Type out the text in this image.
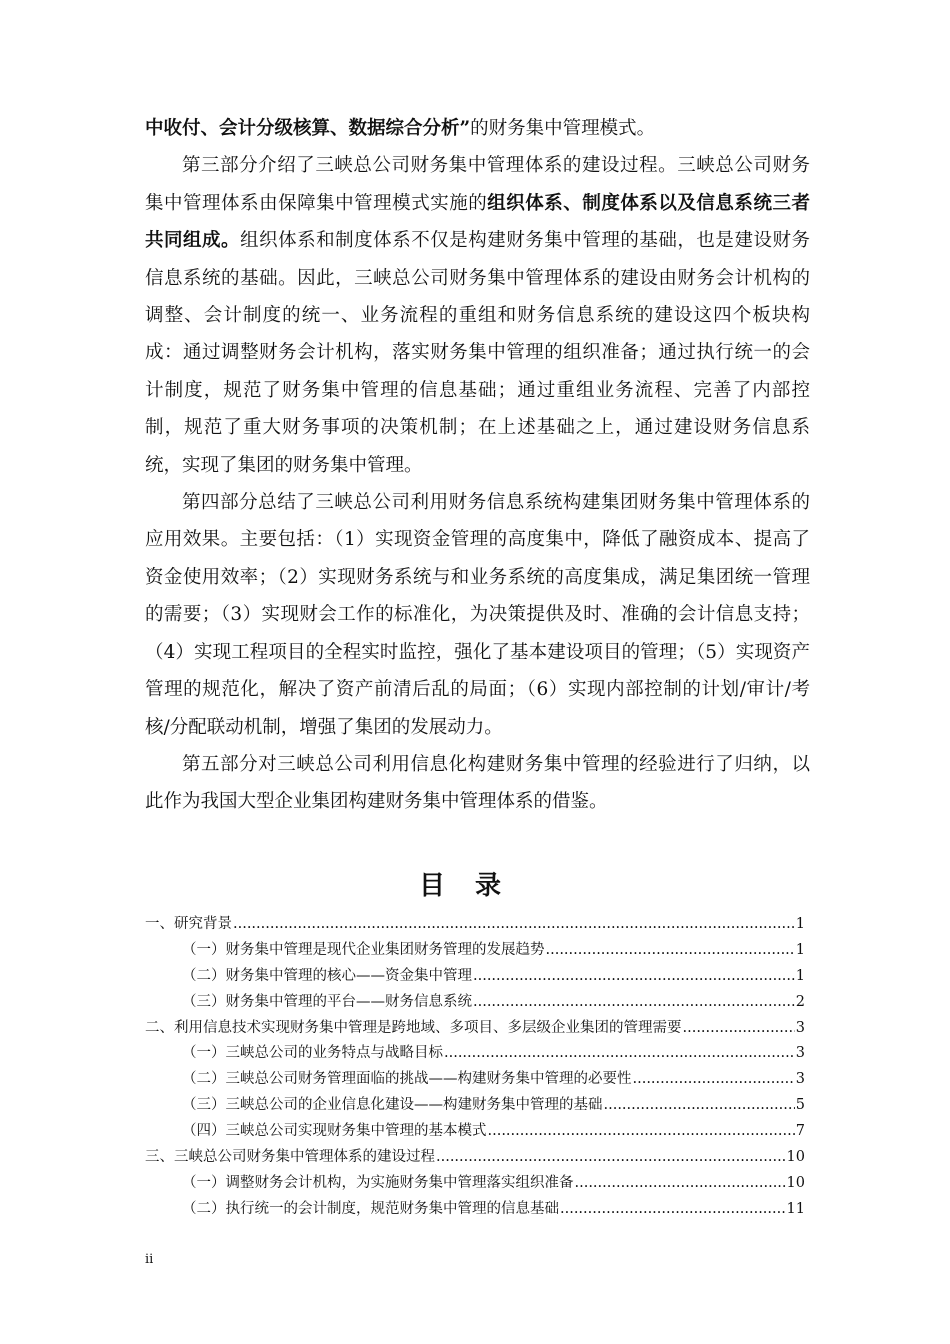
中收付、会计分级核算、数据综合分析”的财务集中管理模式。

第三部分介绍了三峡总公司财务集中管理体系的建设过程。三峡总公司财务集中管理体系由保障集中管理模式实施的组织体系、制度体系以及信息系统三者共同组成。组织体系和制度体系不仅是构建财务集中管理的基础，也是建设财务信息系统的基础。因此，三峡总公司财务集中管理体系的建设由财务会计机构的调整、会计制度的统一、业务流程的重组和财务信息系统的建设这四个板块构成：通过调整财务会计机构，落实财务集中管理的组织准备；通过执行统一的会计制度，规范了财务集中管理的信息基础；通过重组业务流程、完善了内部控制，规范了重大财务事项的决策机制；在上述基础之上，通过建设财务信息系统，实现了集团的财务集中管理。

第四部分总结了三峡总公司利用财务信息系统构建集团财务集中管理体系的应用效果。主要包括：（1）实现资金管理的高度集中，降低了融资成本、提高了资金使用效率；（2）实现财务系统与和业务系统的高度集成，满足集团统一管理的需要；（3）实现财会工作的标准化，为决策提供及时、准确的会计信息支持；（4）实现工程项目的全程实时监控，强化了基本建设项目的管理；（5）实现资产管理的规范化，解决了资产前清后乱的局面；（6）实现内部控制的计划/审计/考核/分配联动机制，增强了集团的发展动力。

第五部分对三峡总公司利用信息化构建财务集中管理的经验进行了归纳，以此作为我国大型企业集团构建财务集中管理体系的借鉴。

目录
一、研究背景 .....	1
（一）财务集中管理是现代企业集团财务管理的发展趋势 .....	1
（二）财务集中管理的核心——资金集中管理 .....	1
（三）财务集中管理的平台——财务信息系统 .....	2
二、利用信息技术实现财务集中管理是跨地域、多项目、多层级企业集团的管理需要 .....	3
（一）三峡总公司的业务特点与战略目标 .....	3
（二）三峡总公司财务管理面临的挑战——构建财务集中管理的必要性 .....	3
（三）三峡总公司的企业信息化建设——构建财务集中管理的基础 .....	5
（四）三峡总公司实现财务集中管理的基本模式 .....	7
三、三峡总公司财务集中管理体系的建设过程 .....	10
（一）调整财务会计机构，为实施财务集中管理落实组织准备 .....	10
（二）执行统一的会计制度，规范财务集中管理的信息基础 .....	11
ii
